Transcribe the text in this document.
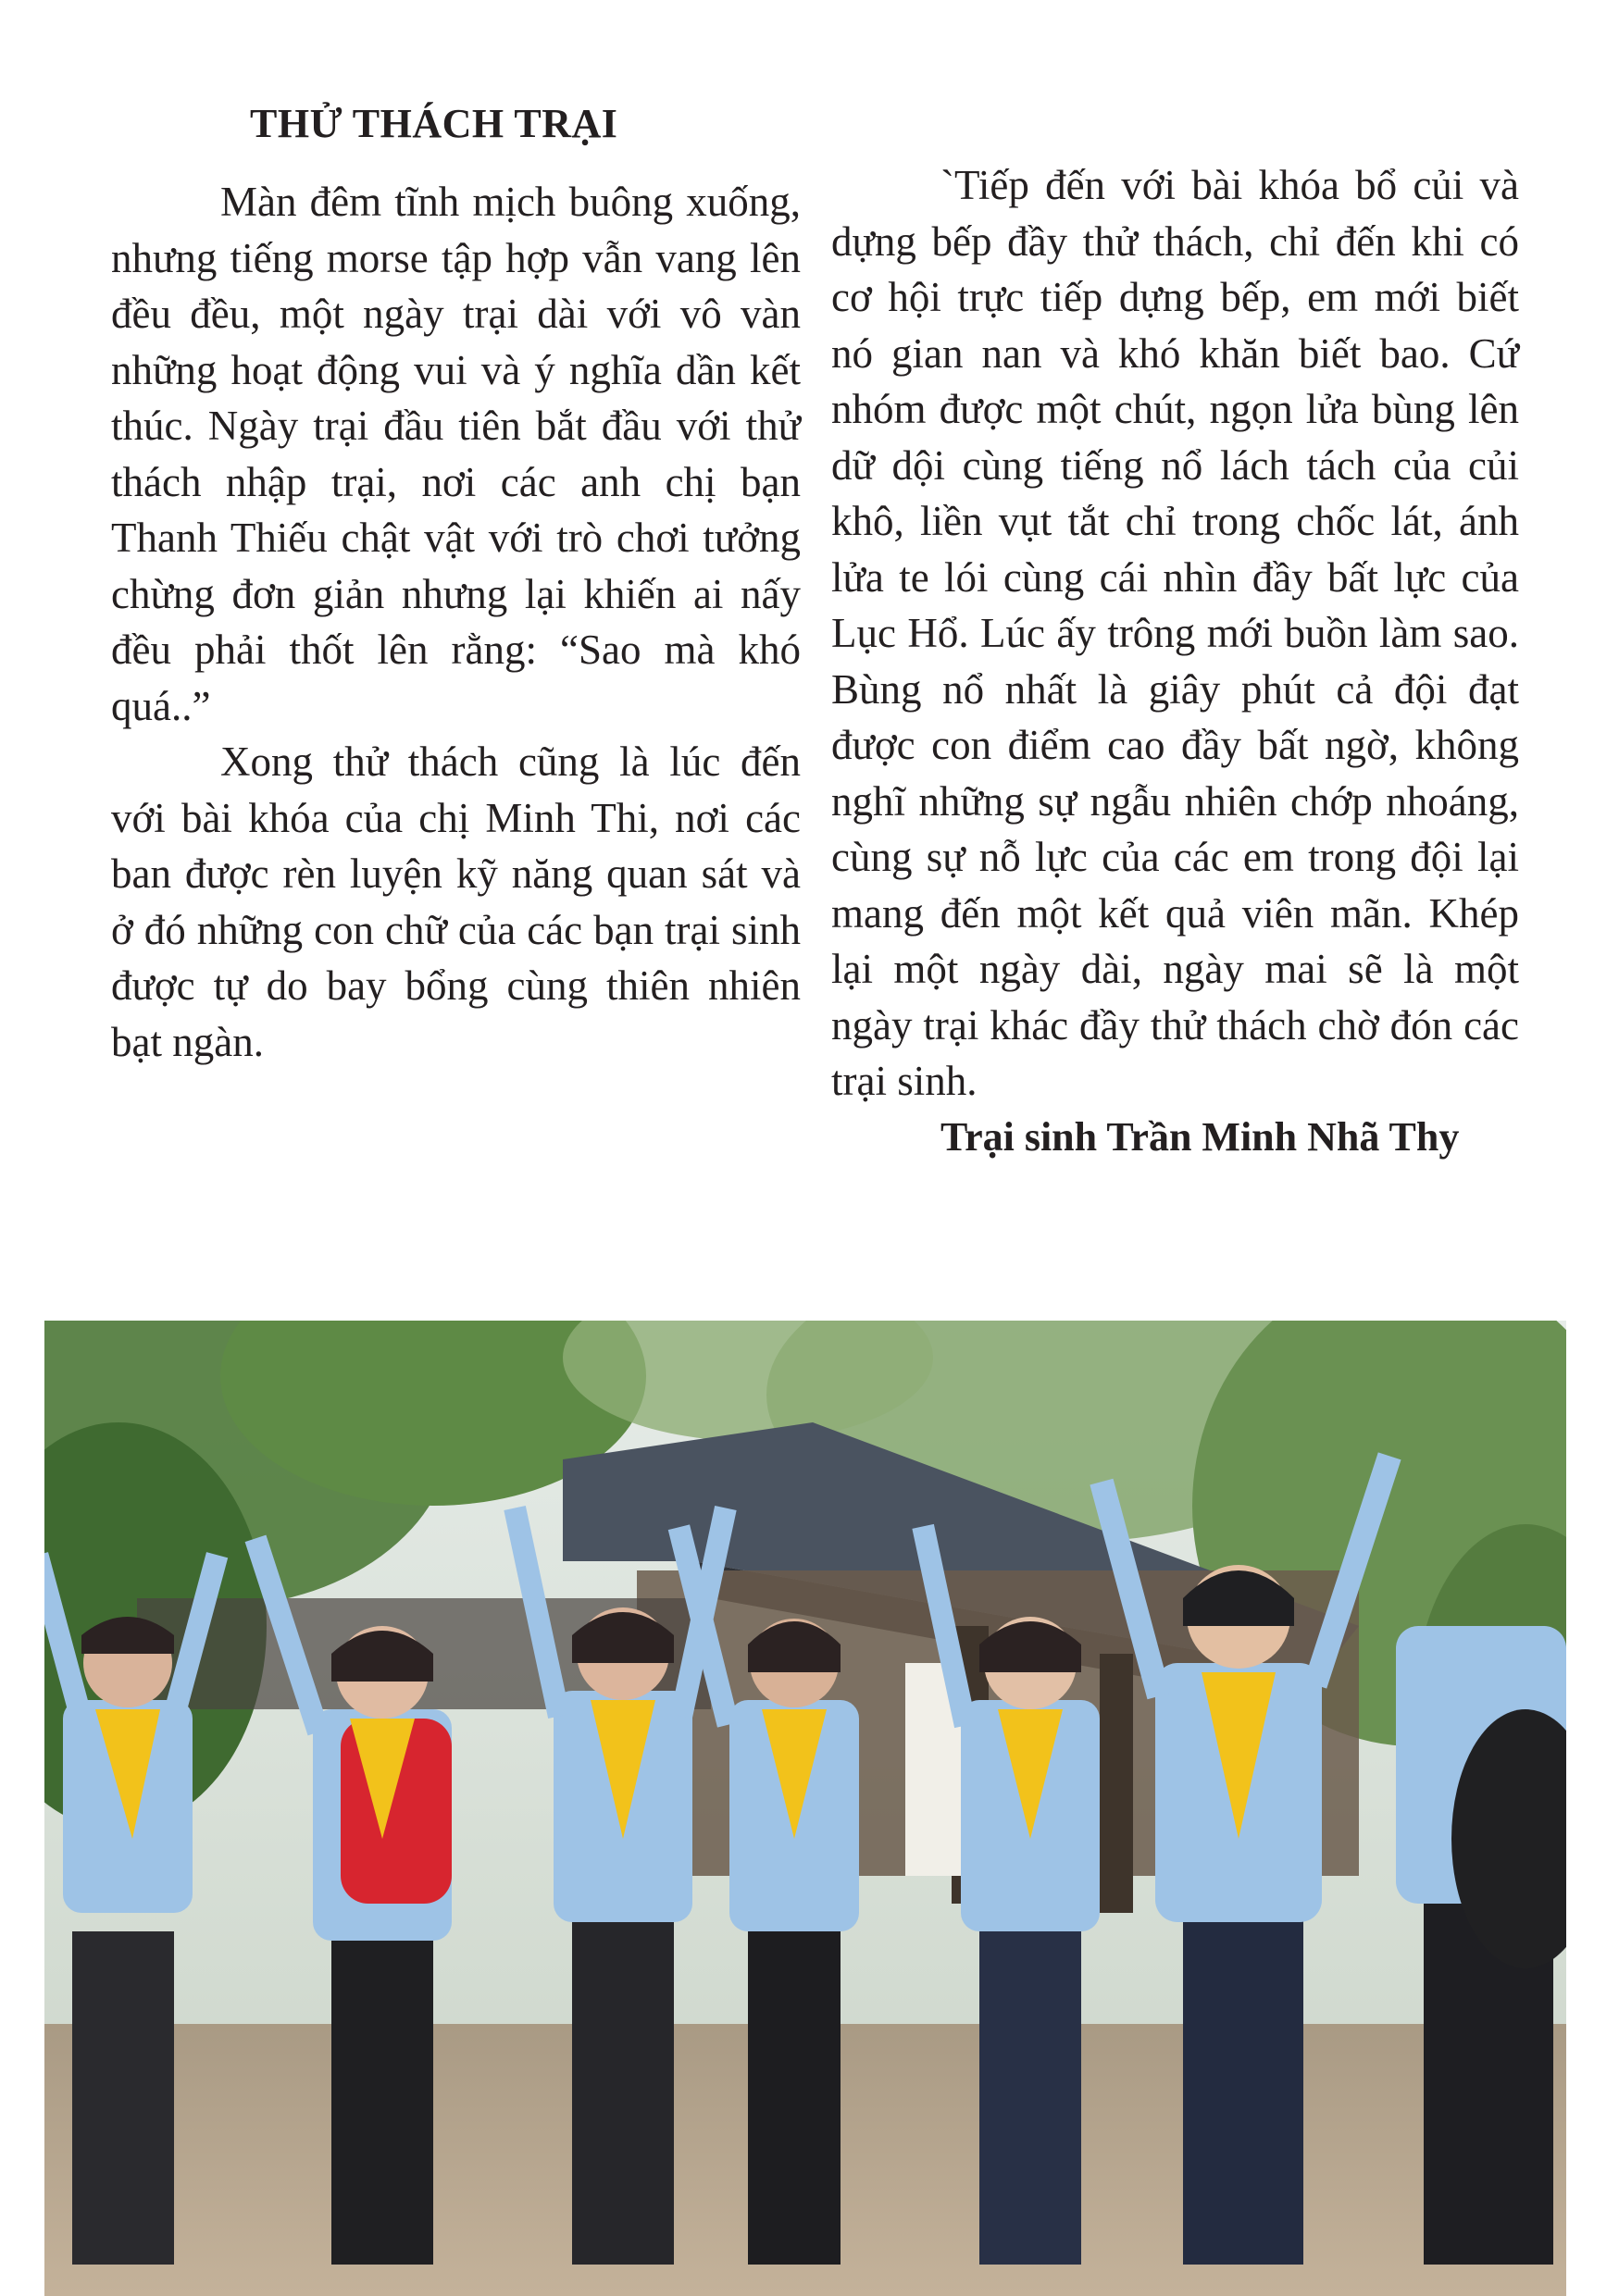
THỬ THÁCH TRẠI

Màn đêm tĩnh mịch buông xuống, nhưng tiếng morse tập hợp vẫn vang lên đều đều, một ngày trại dài với vô vàn những hoạt động vui và ý nghĩa dần kết thúc. Ngày trại đầu tiên bắt đầu với thử thách nhập trại, nơi các anh chị bạn Thanh Thiếu chật vật với trò chơi tưởng chừng đơn giản nhưng lại khiến ai nấy đều phải thốt lên rằng: “Sao mà khó quá..”

Xong thử thách cũng là lúc đến với bài khóa của chị Minh Thi, nơi các ban được rèn luyện kỹ năng quan sát và ở đó những con chữ của các bạn trại sinh được tự do bay bổng cùng thiên nhiên bạt ngàn.

`Tiếp đến với bài khóa bổ củi và dựng bếp đầy thử thách, chỉ đến khi có cơ hội trực tiếp dựng bếp, em mới biết nó gian nan và khó khăn biết bao. Cứ nhóm được một chút, ngọn lửa bùng lên dữ dội cùng tiếng nổ lách tách của củi khô, liền vụt tắt chỉ trong chốc lát, ánh lửa te lói cùng cái nhìn đầy bất lực của Lục Hổ. Lúc ấy trông mới buồn làm sao. Bùng nổ nhất là giây phút cả đội đạt được con điểm cao đầy bất ngờ, không nghĩ những sự ngẫu nhiên chớp nhoáng, cùng sự nỗ lực của các em trong đội lại mang đến một kết quả viên mãn. Khép lại một ngày dài, ngày mai sẽ là một ngày trại khác đầy thử thách chờ đón các trại sinh.

Trại sinh Trần Minh Nhã Thy
